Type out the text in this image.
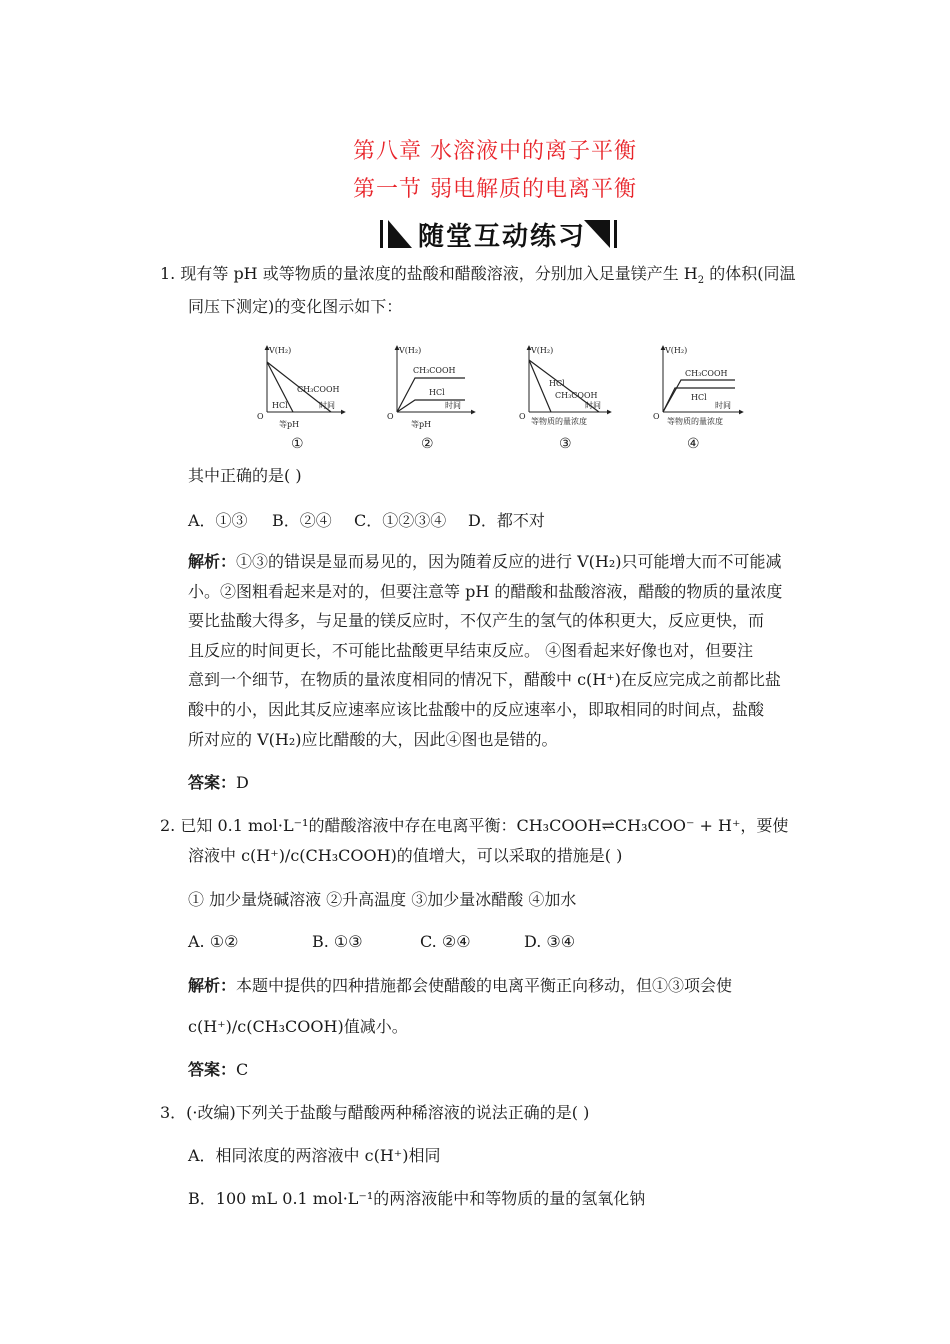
第八章 水溶液中的离子平衡
第一节 弱电解质的电离平衡
随堂互动练习
1. 现有等 pH 或等物质的量浓度的盐酸和醋酸溶液，分别加入足量镁产生 $H_2$ 的体积(同温
同压下测定)的变化图示如下：
V(H₂)
O
时间
CH₃COOH
HCl
等pH
①
V(H₂)
O
时间
CH₃COOH
HCl
等pH
②
V(H₂)
O
时间
HCl
CH₃COOH
等物质的量浓度
③
V(H₂)
O
时间
CH₃COOH
HCl
等物质的量浓度
④
其中正确的是( )
A．①③ B．②④ C．①②③④ D．都不对
解析：①③的错误是显而易见的，因为随着反应的进行 V(H₂)只可能增大而不可能减
小。②图粗看起来是对的，但要注意等 pH 的醋酸和盐酸溶液，醋酸的物质的量浓度
要比盐酸大得多，与足量的镁反应时，不仅产生的氢气的体积更大，反应更快，而
且反应的时间更长，不可能比盐酸更早结束反应。 ④图看起来好像也对，但要注
意到一个细节，在物质的量浓度相同的情况下，醋酸中 c(H⁺)在反应完成之前都比盐
酸中的小，因此其反应速率应该比盐酸中的反应速率小，即取相同的时间点，盐酸
所对应的 V(H₂)应比醋酸的大，因此④图也是错的。
答案：D
2. 已知 0.1 mol·L⁻¹的醋酸溶液中存在电离平衡：CH₃COOH⇌CH₃COO⁻ + H⁺，要使
溶液中 c(H⁺)/c(CH₃COOH)的值增大，可以采取的措施是( )
① 加少量烧碱溶液 ②升高温度 ③加少量冰醋酸 ④加水
A. ①②	B. ①③	C. ②④	D. ③④
解析：本题中提供的四种措施都会使醋酸的电离平衡正向移动，但①③项会使
c(H⁺)/c(CH₃COOH)值减小。
答案：C
3．(·改编)下列关于盐酸与醋酸两种稀溶液的说法正确的是( )
A．相同浓度的两溶液中 c(H⁺)相同
B．100 mL 0.1 mol·L⁻¹的两溶液能中和等物质的量的氢氧化钠
